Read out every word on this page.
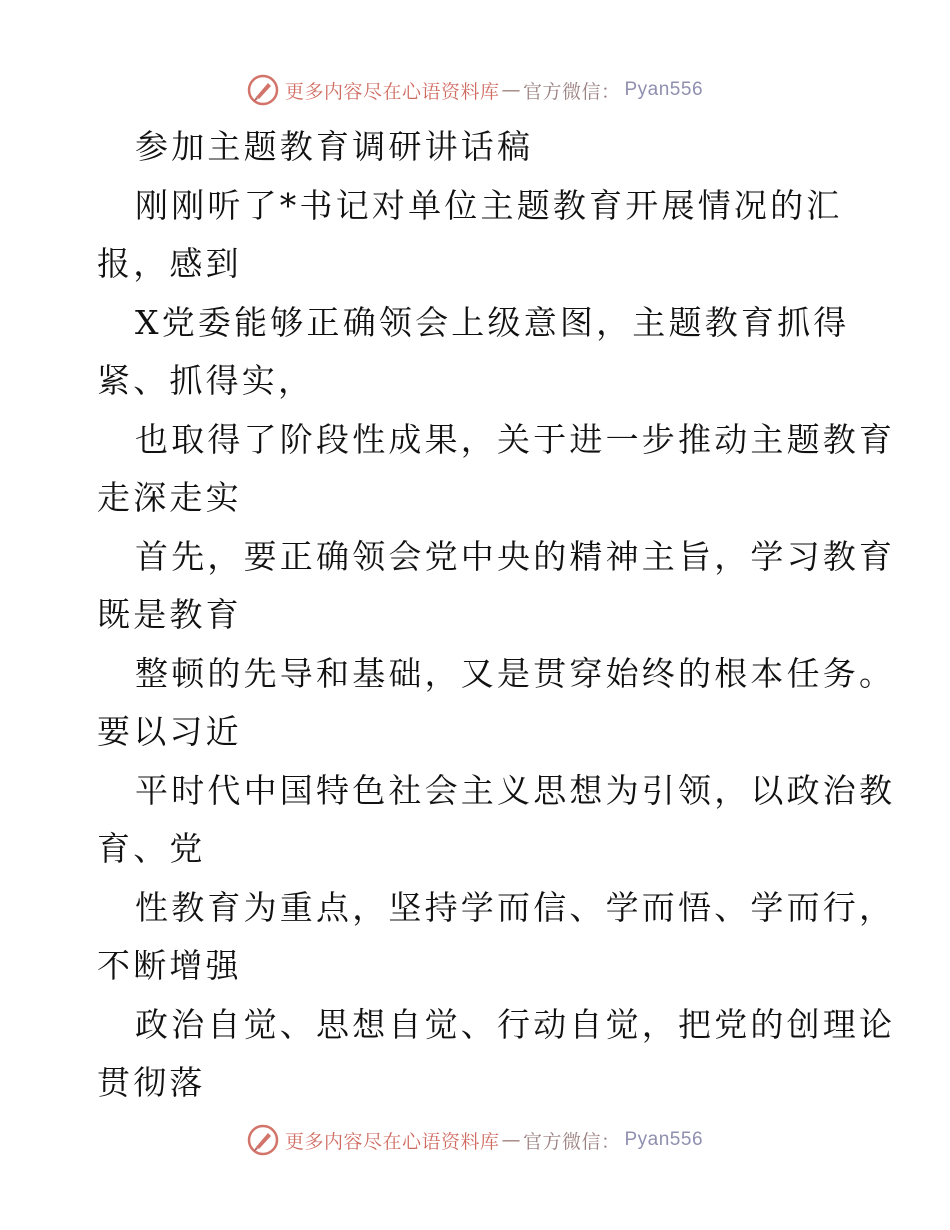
更多内容尽在心语资料库 — 官方微信： Pyan556
参加主题教育调研讲话稿
刚刚听了*书记对单位主题教育开展情况的汇
报，感到
X党委能够正确领会上级意图，主题教育抓得
紧、抓得实，
也取得了阶段性成果，关于进一步推动主题教育
走深走实
首先，要正确领会党中央的精神主旨，学习教育
既是教育
整顿的先导和基础，又是贯穿始终的根本任务。
要以习近
平时代中国特色社会主义思想为引领，以政治教
育、党
性教育为重点，坚持学而信、学而悟、学而行，
不断增强
政治自觉、思想自觉、行动自觉，把党的创理论
贯彻落
更多内容尽在心语资料库 — 官方微信： Pyan556
